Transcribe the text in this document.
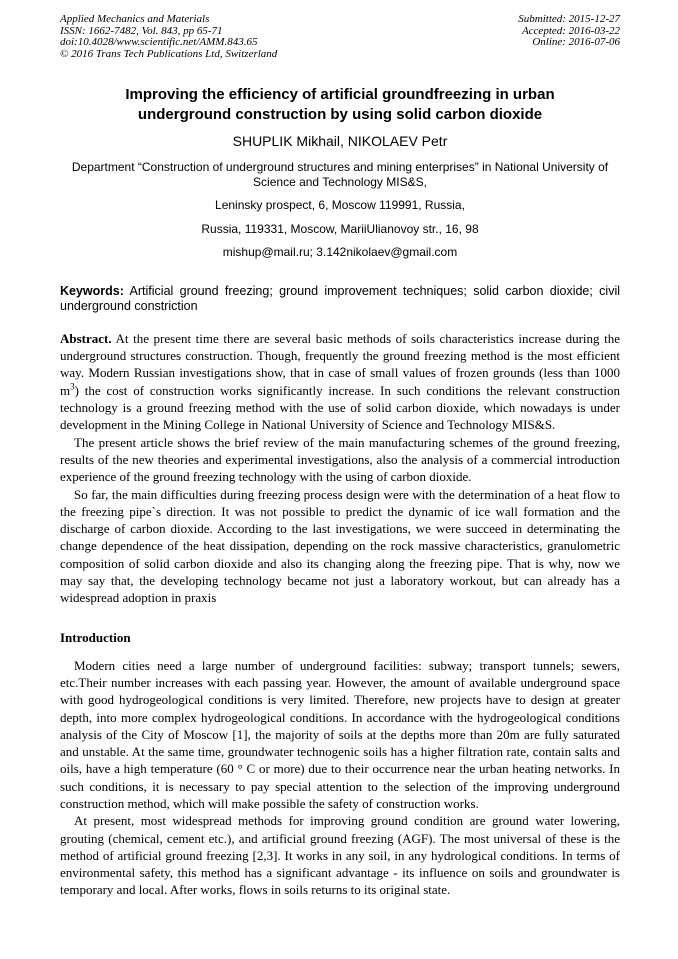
Applied Mechanics and Materials
ISSN: 1662-7482, Vol. 843, pp 65-71
doi:10.4028/www.scientific.net/AMM.843.65
© 2016 Trans Tech Publications Ltd, Switzerland
Submitted: 2015-12-27
Accepted: 2016-03-22
Online: 2016-07-06
Improving the efficiency of artificial groundfreezing in urban underground construction by using solid carbon dioxide
SHUPLIK Mikhail, NIKOLAEV Petr

Department “Construction of underground structures and mining enterprises” in National University of Science and Technology MIS&S,

Leninsky prospect, 6, Moscow 119991, Russia,

Russia, 119331, Moscow, MariiUlianovoy str., 16, 98

mishup@mail.ru; 3.142nikolaev@gmail.com

Keywords: Artificial ground freezing; ground improvement techniques; solid carbon dioxide; civil underground constriction

Abstract. At the present time there are several basic methods of soils characteristics increase during the underground structures construction. Though, frequently the ground freezing method is the most efficient way. Modern Russian investigations show, that in case of small values of frozen grounds (less than 1000 $m^3$) the cost of construction works significantly increase. In such conditions the relevant construction technology is a ground freezing method with the use of solid carbon dioxide, which nowadays is under development in the Mining College in National University of Science and Technology MIS&S.

The present article shows the brief review of the main manufacturing schemes of the ground freezing, results of the new theories and experimental investigations, also the analysis of a commercial introduction experience of the ground freezing technology with the using of carbon dioxide.

So far, the main difficulties during freezing process design were with the determination of a heat flow to the freezing pipe`s direction. It was not possible to predict the dynamic of ice wall formation and the discharge of carbon dioxide. According to the last investigations, we were succeed in determinating the change dependence of the heat dissipation, depending on the rock massive characteristics, granulometric composition of solid carbon dioxide and also its changing along the freezing pipe. That is why, now we may say that, the developing technology became not just a laboratory workout, but can already has a widespread adoption in praxis

Introduction

Modern cities need a large number of underground facilities: subway; transport tunnels; sewers, etc.Their number increases with each passing year. However, the amount of available underground space with good hydrogeological conditions is very limited. Therefore, new projects have to design at greater depth, into more complex hydrogeological conditions. In accordance with the hydrogeological conditions analysis of the City of Moscow [1], the majority of soils at the depths more than 20m are fully saturated and unstable. At the same time, groundwater technogenic soils has a higher filtration rate, contain salts and oils, have a high temperature (60 ° C or more) due to their occurrence near the urban heating networks. In such conditions, it is necessary to pay special attention to the selection of the improving underground construction method, which will make possible the safety of construction works.

At present, most widespread methods for improving ground condition are ground water lowering, grouting (chemical, cement etc.), and artificial ground freezing (AGF). The most universal of these is the method of artificial ground freezing [2,3]. It works in any soil, in any hydrological conditions. In terms of environmental safety, this method has a significant advantage - its influence on soils and groundwater is temporary and local. After works, flows in soils returns to its original state.
